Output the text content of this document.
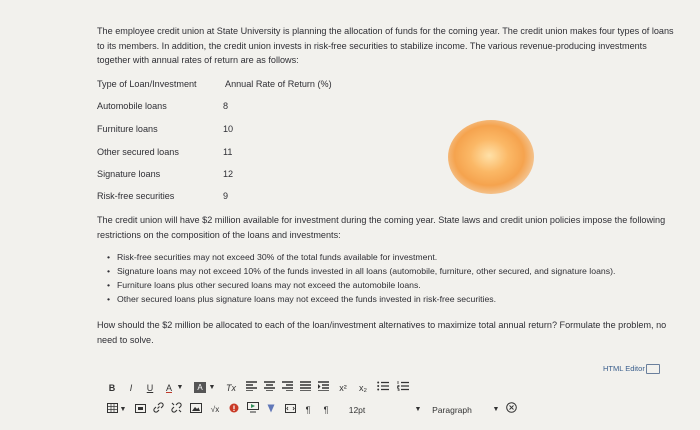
The employee credit union at State University is planning the allocation of funds for the coming year. The credit union makes four types of loans to its members. In addition, the credit union invests in risk-free securities to stabilize income. The various revenue-producing investments together with annual rates of return are as follows:

Type of Loan/Investment	Annual Rate of Return (%)
Automobile loans	8
Furniture loans	10
Other secured loans	11
Signature loans	12
Risk-free securities	9

The credit union will have $2 million available for investment during the coming year. State laws and credit union policies impose the following restrictions on the composition of the loans and investments:

• Risk-free securities may not exceed 30% of the total funds available for investment.
• Signature loans may not exceed 10% of the funds invested in all loans (automobile, furniture, other secured, and signature loans).
• Furniture loans plus other secured loans may not exceed the automobile loans.
• Other secured loans plus signature loans may not exceed the funds invested in risk-free securities.

How should the $2 million be allocated to each of the loan/investment alternatives to maximize total annual return? Formulate the problem, no need to solve.

HTML Editor
B	I	U	A ▼	A ▼ Tx	x²	x₂
▼	√x	¶	¶	12pt	▼	Paragraph	▼
